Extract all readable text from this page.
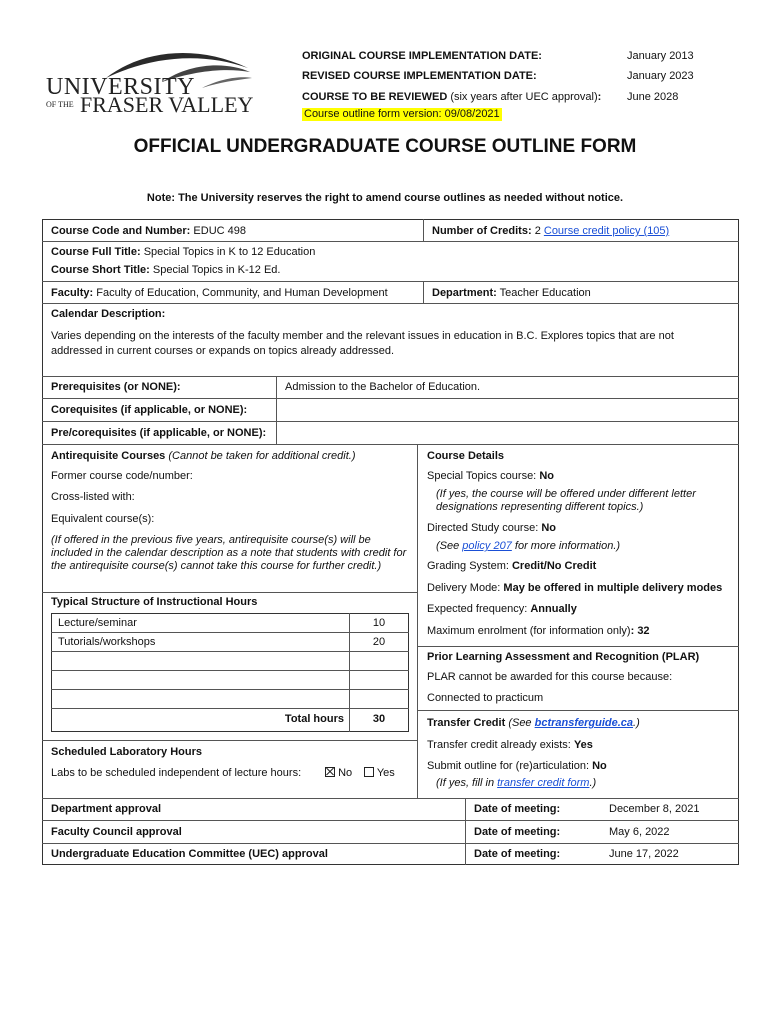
UNIVERSITY
OF THE FRASER VALLEY
ORIGINAL COURSE IMPLEMENTATION DATE:	January 2013
REVISED COURSE IMPLEMENTATION DATE:	January 2023
COURSE TO BE REVIEWED (six years after UEC approval): June 2028
Course outline form version: 09/08/2021
OFFICIAL UNDERGRADUATE COURSE OUTLINE FORM
Note: The University reserves the right to amend course outlines as needed without notice.
Course Code and Number: EDUC 498	Number of Credits: 2 Course credit policy (105)
Course Full Title: Special Topics in K to 12 Education
Course Short Title: Special Topics in K-12 Ed.
Faculty: Faculty of Education, Community, and Human Development	Department: Teacher Education
Calendar Description:
Varies depending on the interests of the faculty member and the relevant issues in education in B.C. Explores topics that are not addressed in current courses or expands on topics already addressed.
Prerequisites (or NONE):	Admission to the Bachelor of Education.
Corequisites (if applicable, or NONE):
Pre/corequisites (if applicable, or NONE):
Antirequisite Courses (Cannot be taken for additional credit.)
Former course code/number:
Cross-listed with:
Equivalent course(s):
(If offered in the previous five years, antirequisite course(s) will be included in the calendar description as a note that students with credit for the antirequisite course(s) cannot take this course for further credit.)
Typical Structure of Instructional Hours
Lecture/seminar	10
Tutorials/workshops	20
Total hours	30
Scheduled Laboratory Hours
Labs to be scheduled independent of lecture hours:	No	Yes
Course Details
Special Topics course: No
(If yes, the course will be offered under different letter designations representing different topics.)
Directed Study course: No
(See policy 207 for more information.)
Grading System: Credit/No Credit
Delivery Mode: May be offered in multiple delivery modes
Expected frequency: Annually
Maximum enrolment (for information only): 32
Prior Learning Assessment and Recognition (PLAR)
PLAR cannot be awarded for this course because:
Connected to practicum
Transfer Credit (See bctransferguide.ca.)
Transfer credit already exists: Yes
Submit outline for (re)articulation: No
(If yes, fill in transfer credit form.)
Department approval	Date of meeting:	December 8, 2021
Faculty Council approval	Date of meeting:	May 6, 2022
Undergraduate Education Committee (UEC) approval	Date of meeting:	June 17, 2022
